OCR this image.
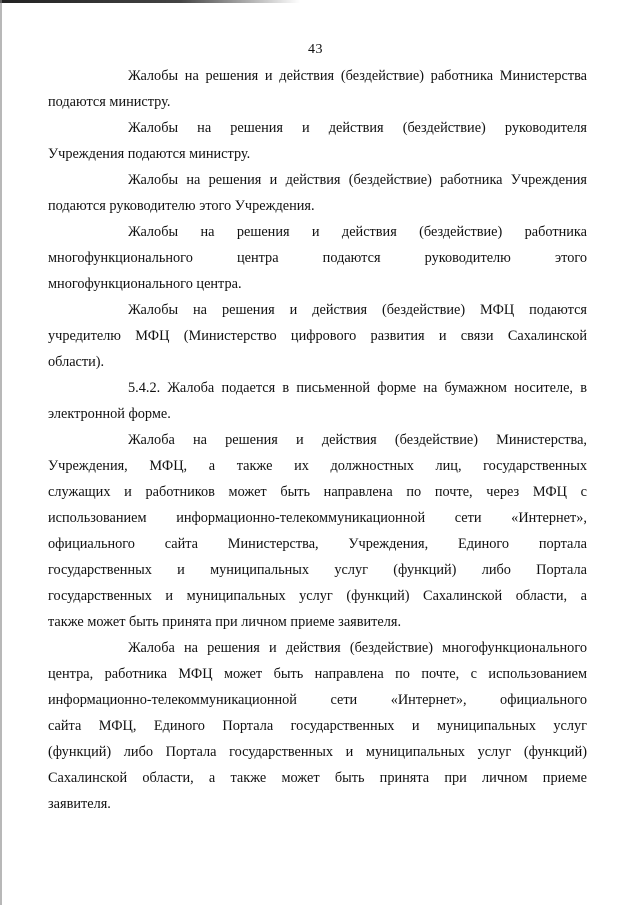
43

Жалобы на решения и действия (бездействие) работника Министерства
подаются министру.

Жалобы на решения и действия (бездействие) руководителя
Учреждения подаются министру.

Жалобы на решения и действия (бездействие) работника Учреждения
подаются руководителю этого Учреждения.

Жалобы на решения и действия (бездействие) работника
многофункционального центра подаются руководителю этого
многофункционального центра.

Жалобы на решения и действия (бездействие) МФЦ подаются
учредителю МФЦ (Министерство цифрового развития и связи Сахалинской
области).

5.4.2. Жалоба подается в письменной форме на бумажном носителе, в
электронной форме.

Жалоба на решения и действия (бездействие) Министерства,
Учреждения, МФЦ, а также их должностных лиц, государственных
служащих и работников может быть направлена по почте, через МФЦ с
использованием информационно-телекоммуникационной сети «Интернет»,
официального сайта Министерства, Учреждения, Единого портала
государственных и муниципальных услуг (функций) либо Портала
государственных и муниципальных услуг (функций) Сахалинской области, а
также может быть принята при личном приеме заявителя.

Жалоба на решения и действия (бездействие) многофункционального
центра, работника МФЦ может быть направлена по почте, с использованием
информационно-телекоммуникационной сети «Интернет», официального
сайта МФЦ, Единого Портала государственных и муниципальных услуг
(функций) либо Портала государственных и муниципальных услуг (функций)
Сахалинской области, а также может быть принята при личном приеме
заявителя.
